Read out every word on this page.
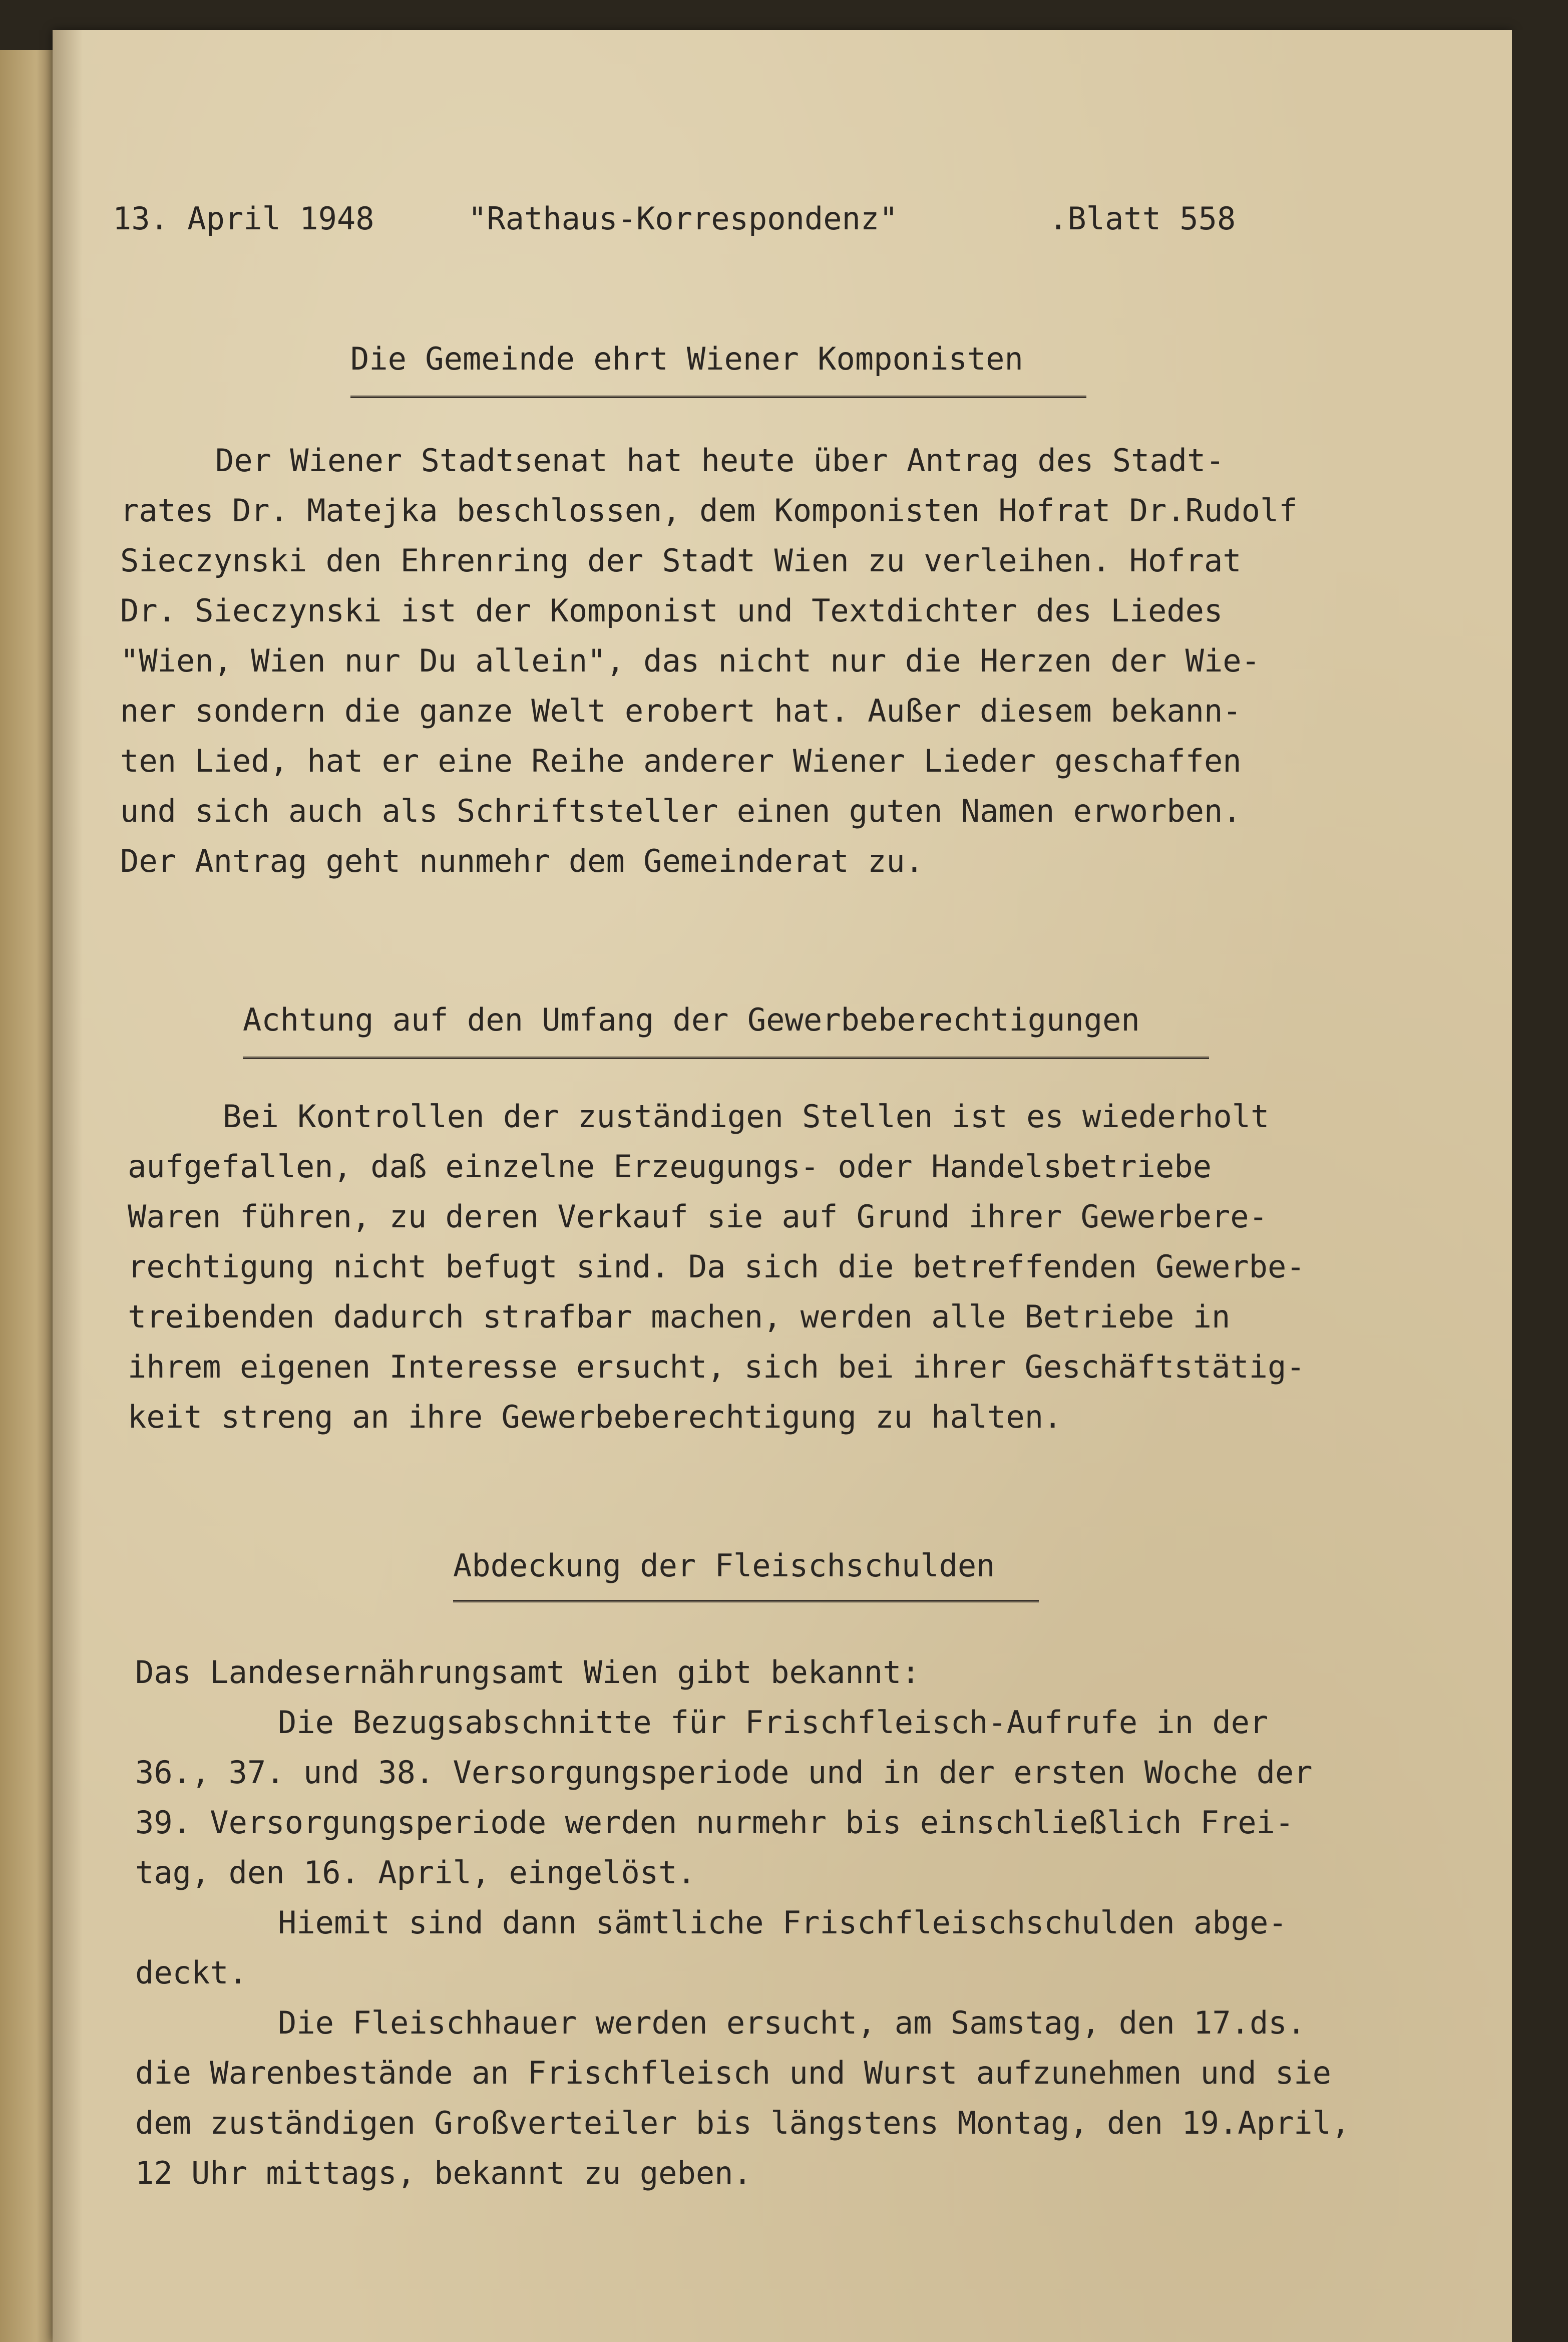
13. April 1948	"Rathaus-Korrespondenz"	.Blatt 558
Die Gemeinde ehrt Wiener Komponisten
Der Wiener Stadtsenat hat heute über Antrag des Stadt-
rates Dr. Matejka beschlossen, dem Komponisten Hofrat Dr.Rudolf
Sieczynski den Ehrenring der Stadt Wien zu verleihen. Hofrat
Dr. Sieczynski ist der Komponist und Textdichter des Liedes
"Wien, Wien nur Du allein", das nicht nur die Herzen der Wie-
ner sondern die ganze Welt erobert hat. Außer diesem bekann-
ten Lied, hat er eine Reihe anderer Wiener Lieder geschaffen
und sich auch als Schriftsteller einen guten Namen erworben.
Der Antrag geht nunmehr dem Gemeinderat zu.
Achtung auf den Umfang der Gewerbeberechtigungen
Bei Kontrollen der zuständigen Stellen ist es wiederholt
aufgefallen, daß einzelne Erzeugungs- oder Handelsbetriebe
Waren führen, zu deren Verkauf sie auf Grund ihrer Gewerbere-
rechtigung nicht befugt sind. Da sich die betreffenden Gewerbe-
treibenden dadurch strafbar machen, werden alle Betriebe in
ihrem eigenen Interesse ersucht, sich bei ihrer Geschäftstätig-
keit streng an ihre Gewerbeberechtigung zu halten.
Abdeckung der Fleischschulden
Das Landesernährungsamt Wien gibt bekannt:
Die Bezugsabschnitte für Frischfleisch-Aufrufe in der
36., 37. und 38. Versorgungsperiode und in der ersten Woche der
39. Versorgungsperiode werden nurmehr bis einschließlich Frei-
tag, den 16. April, eingelöst.
Hiemit sind dann sämtliche Frischfleischschulden abge-
deckt.
Die Fleischhauer werden ersucht, am Samstag, den 17.ds.
die Warenbestände an Frischfleisch und Wurst aufzunehmen und sie
dem zuständigen Großverteiler bis längstens Montag, den 19.April,
12 Uhr mittags, bekannt zu geben.
